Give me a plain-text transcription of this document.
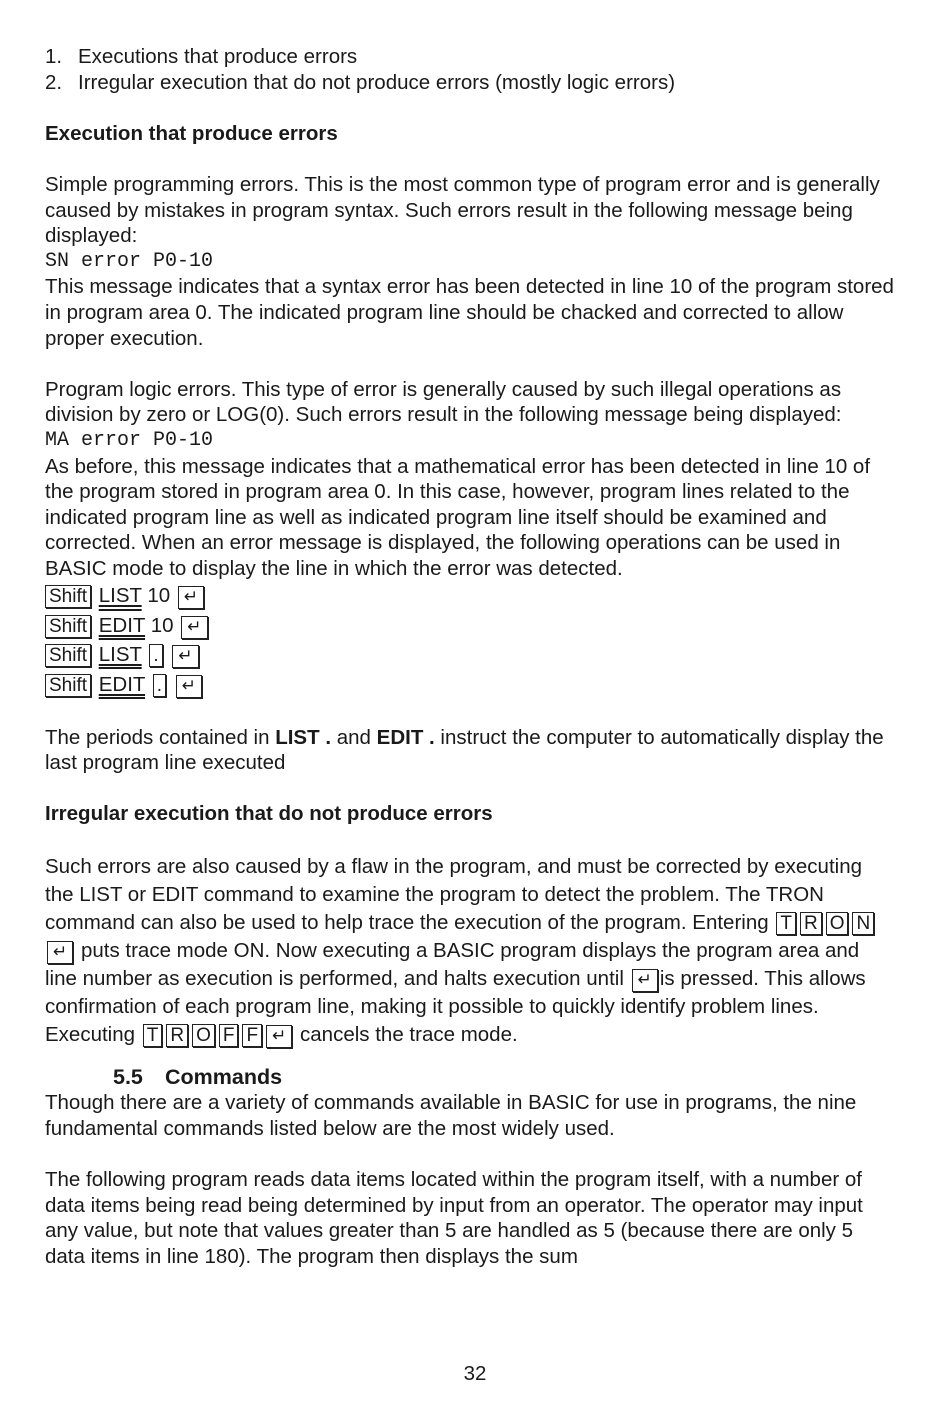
1. Executions that produce errors
2. Irregular execution that do not produce errors (mostly logic errors)

Execution that produce errors

Simple programming errors. This is the most common type of program error and is generally caused by mistakes in program syntax. Such errors result in the following message being displayed:

SN error P0-10

This message indicates that a syntax error has been detected in line 10 of the program stored in program area 0. The indicated program line should be chacked and corrected to allow proper execution.

Program logic errors. This type of error is generally caused by such illegal operations as division by zero or LOG(0). Such errors result in the following message being displayed:

MA error P0-10

As before, this message indicates that a mathematical error has been detected in line 10 of the program stored in program area 0. In this case, however, program lines related to the indicated program line as well as indicated program line itself should be examined and corrected. When an error message is displayed, the following operations can be used in BASIC mode to display the line in which the error was detected.

Shift LIST 10 ↵
Shift EDIT 10 ↵
Shift LIST . ↵
Shift EDIT . ↵

The periods contained in LIST . and EDIT . instruct the computer to automatically display the last program line executed

Irregular execution that do not produce errors

Such errors are also caused by a flaw in the program, and must be corrected by executing the LIST or EDIT command to examine the program to detect the problem. The TRON command can also be used to help trace the execution of the program. Entering T R O N↵ puts trace mode ON. Now executing a BASIC program displays the program area and line number as execution is performed, and halts execution until ↵ is pressed. This allows confirmation of each program line, making it possible to quickly identify problem lines. Executing T R O F F ↵ cancels the trace mode.

5.5 Commands

Though there are a variety of commands available in BASIC for use in programs, the nine fundamental commands listed below are the most widely used.

The following program reads data items located within the program itself, with a number of data items being read being determined by input from an operator. The operator may input any value, but note that values greater than 5 are handled as 5 (because there are only 5 data items in line 180). The program then displays the sum

32
